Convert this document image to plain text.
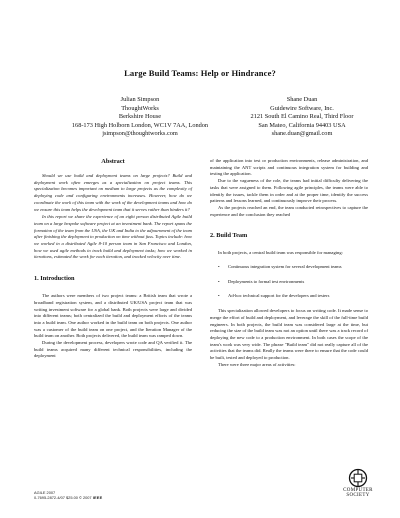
Large Build Teams: Help or Hindrance?
Julian Simpson
ThoughtWorks
Berkshire House
168-173 High Holborn London, WC1V 7AA, London
jsimpson@thoughtworks.com
Shane Duan
Guidewire Software, Inc.
2121 South El Camino Real, Third Floor
San Mateo, California 94403 USA
shane.duan@gmail.com
Abstract

Should we use build and deployment teams on large projects? Build and deployment work often emerges as a specialization on project teams. This specialization becomes important on medium to large projects as the complexity of deploying code and configuring environments increases. However, how do we coordinate the work of this team with the work of the development teams and how do we ensure this team helps the development team that it serves rather than hinders it?

In this report we share the experience of an eight person distributed Agile build team on a large bespoke software project at an investment bank. The report spans the formation of the team from the USA, the UK and India to the adjournment of the team after finishing the deployment to production on time without fuss. Topics include: how we worked in a distributed Agile 8-10 person team in San Francisco and London, how we used agile methods to track build and deployment tasks; how we worked in iterations, estimated the work for each iteration, and tracked velocity over time.

1. Introduction

The authors were members of two project teams: a British team that wrote a broadband registration system, and a distributed UK/USA project team that was writing investment software for a global bank. Both projects were large and divided into different teams; both centralized the build and deployment efforts of the teams into a build team. One author worked in the build team on both projects. One author was a customer of the build team on one project, and the Iteration Manager of the build team on another. Both projects delivered, the build team was ramped down.

During the development process, developers wrote code and QA verified it. The build teams acquired many different technical responsibilities, including the deployment

of the application into test or production environments, release administration, and maintaining the ANT scripts and continuous integration system for building and testing the application.

Due to the vagueness of the role, the teams had initial difficulty delivering the tasks that were assigned to them. Following agile principles, the teams were able to identify the issues, tackle them in order and at the proper time, identify the success patterns and lessons learned, and continuously improve their process.

As the projects reached an end, the team conducted retrospectives to capture the experience and the conclusion they reached

2. Build Team

In both projects, a central build team was responsible for managing:

• Continuous integration system for several development teams
• Deployments to formal test environments
• Ad-hoc technical support for the developers and testers

This specialization allowed developers to focus on writing code. It made sense to merge the effort of build and deployment, and leverage the skill of the full-time build engineers. In both projects, the build team was considered large at the time, but reducing the size of the build team was not an option until there was a track record of deploying the new code to a production environment. In both cases the scope of the team's work was very wide. The phrase "Build team" did not really capture all of the activities that the teams did. Really the teams were there to ensure that the code could be built, tested and deployed to production.

There were three major areas of activities:

AGILE 2007
0-7695-2872-4/07 $25.00 © 2007 IEEE
COMPUTER
SOCIETY
